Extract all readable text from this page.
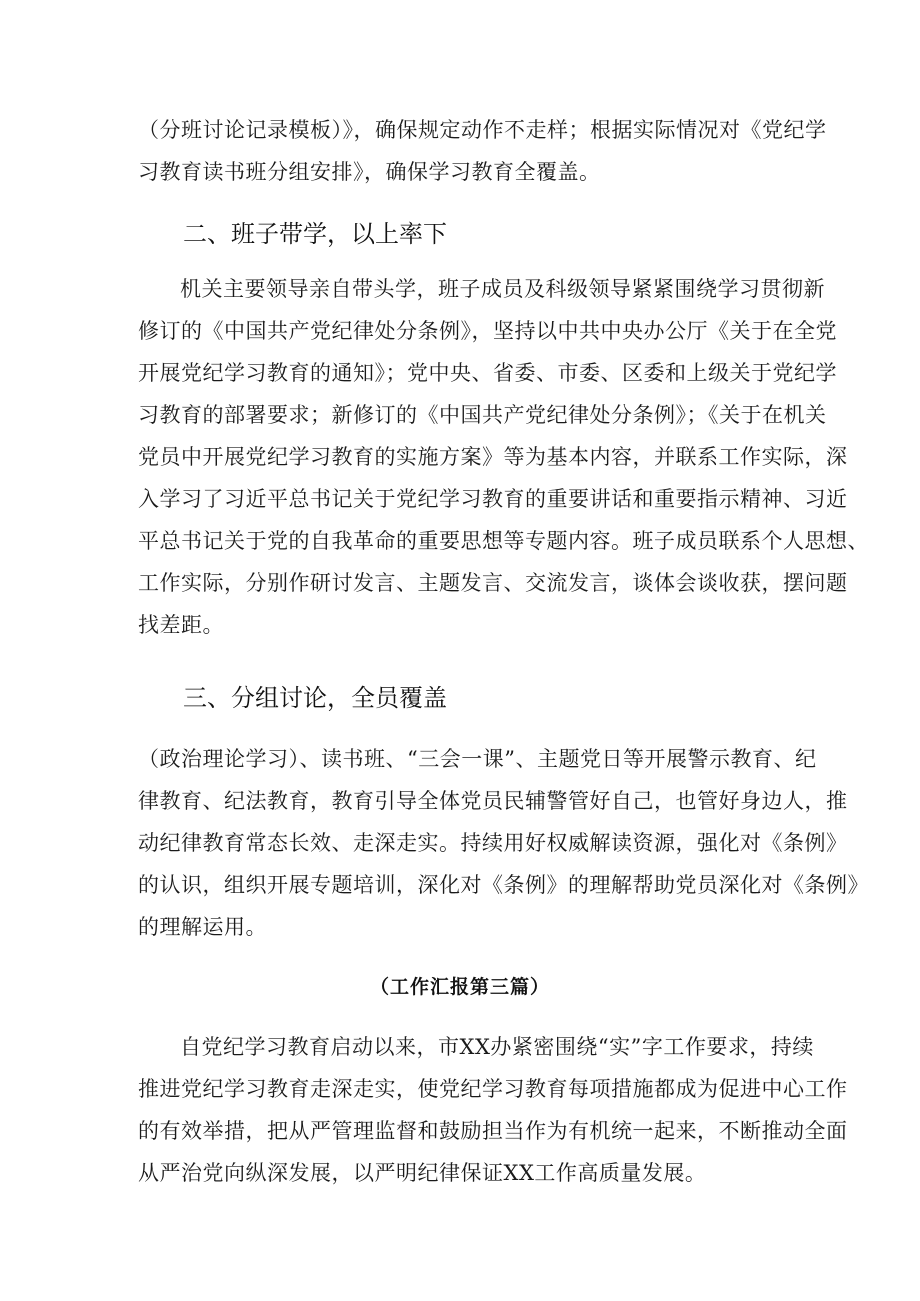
（分班讨论记录模板）》，确保规定动作不走样；根据实际情况对《党纪学
习教育读书班分组安排》，确保学习教育全覆盖。
二、班子带学，以上率下
机关主要领导亲自带头学，班子成员及科级领导紧紧围绕学习贯彻新
修订的《中国共产党纪律处分条例》，坚持以中共中央办公厅《关于在全党
开展党纪学习教育的通知》；党中央、省委、市委、区委和上级关于党纪学
习教育的部署要求；新修订的《中国共产党纪律处分条例》；《关于在机关
党员中开展党纪学习教育的实施方案》等为基本内容，并联系工作实际，深
入学习了习近平总书记关于党纪学习教育的重要讲话和重要指示精神、习近
平总书记关于党的自我革命的重要思想等专题内容。班子成员联系个人思想、
工作实际，分别作研讨发言、主题发言、交流发言，谈体会谈收获，摆问题
找差距。
三、分组讨论，全员覆盖
（政治理论学习）、读书班、“三会一课”、主题党日等开展警示教育、纪
律教育、纪法教育，教育引导全体党员民辅警管好自己，也管好身边人，推
动纪律教育常态长效、走深走实。持续用好权威解读资源，强化对《条例》
的认识，组织开展专题培训，深化对《条例》的理解帮助党员深化对《条例》
的理解运用。
（工作汇报第三篇）
自党纪学习教育启动以来，市XX办紧密围绕“实”字工作要求，持续
推进党纪学习教育走深走实，使党纪学习教育每项措施都成为促进中心工作
的有效举措，把从严管理监督和鼓励担当作为有机统一起来，不断推动全面
从严治党向纵深发展，以严明纪律保证XX工作高质量发展。
